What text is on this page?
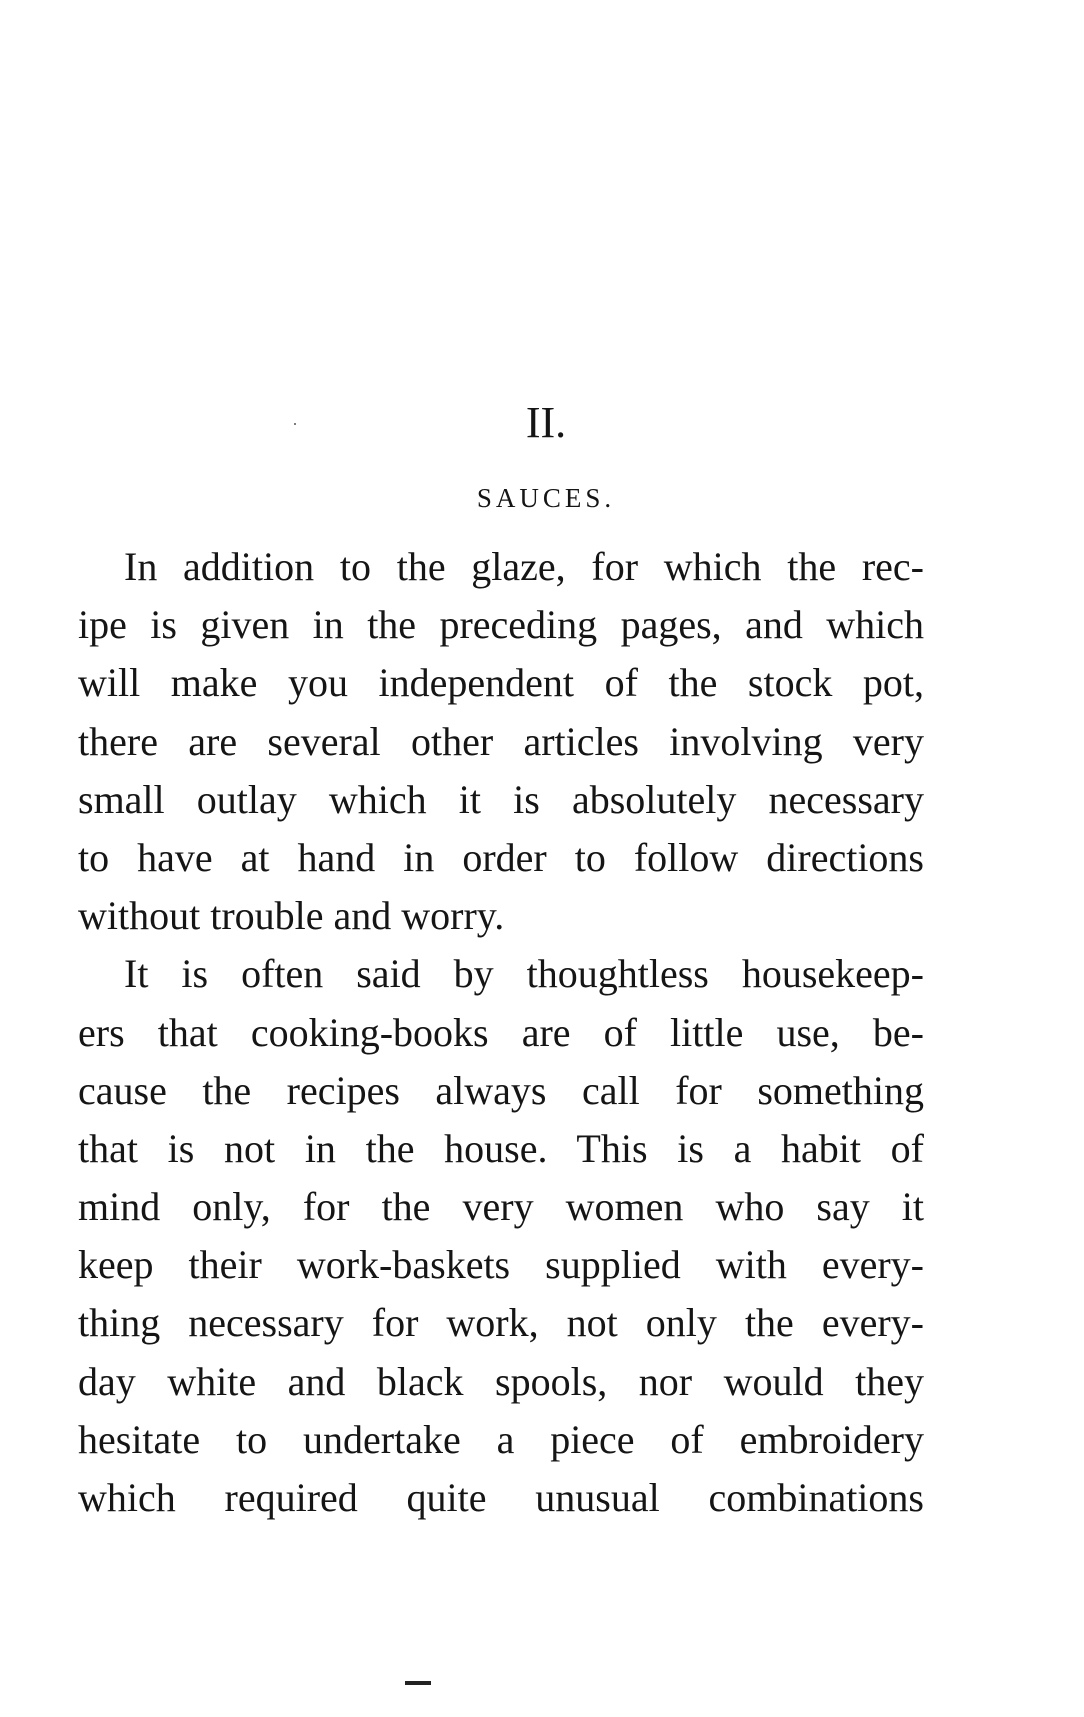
II.
SAUCES.
In addition to the glaze, for which the rec-
ipe is given in the preceding pages, and which
will make you independent of the stock pot,
there are several other articles involving very
small outlay which it is absolutely necessary
to have at hand in order to follow directions
without trouble and worry.
It is often said by thoughtless housekeep-
ers that cooking-books are of little use, be-
cause the recipes always call for something
that is not in the house. This is a habit of
mind only, for the very women who say it
keep their work-baskets supplied with every-
thing necessary for work, not only the every-
day white and black spools, nor would they
hesitate to undertake a piece of embroidery
which required quite unusual combinations
